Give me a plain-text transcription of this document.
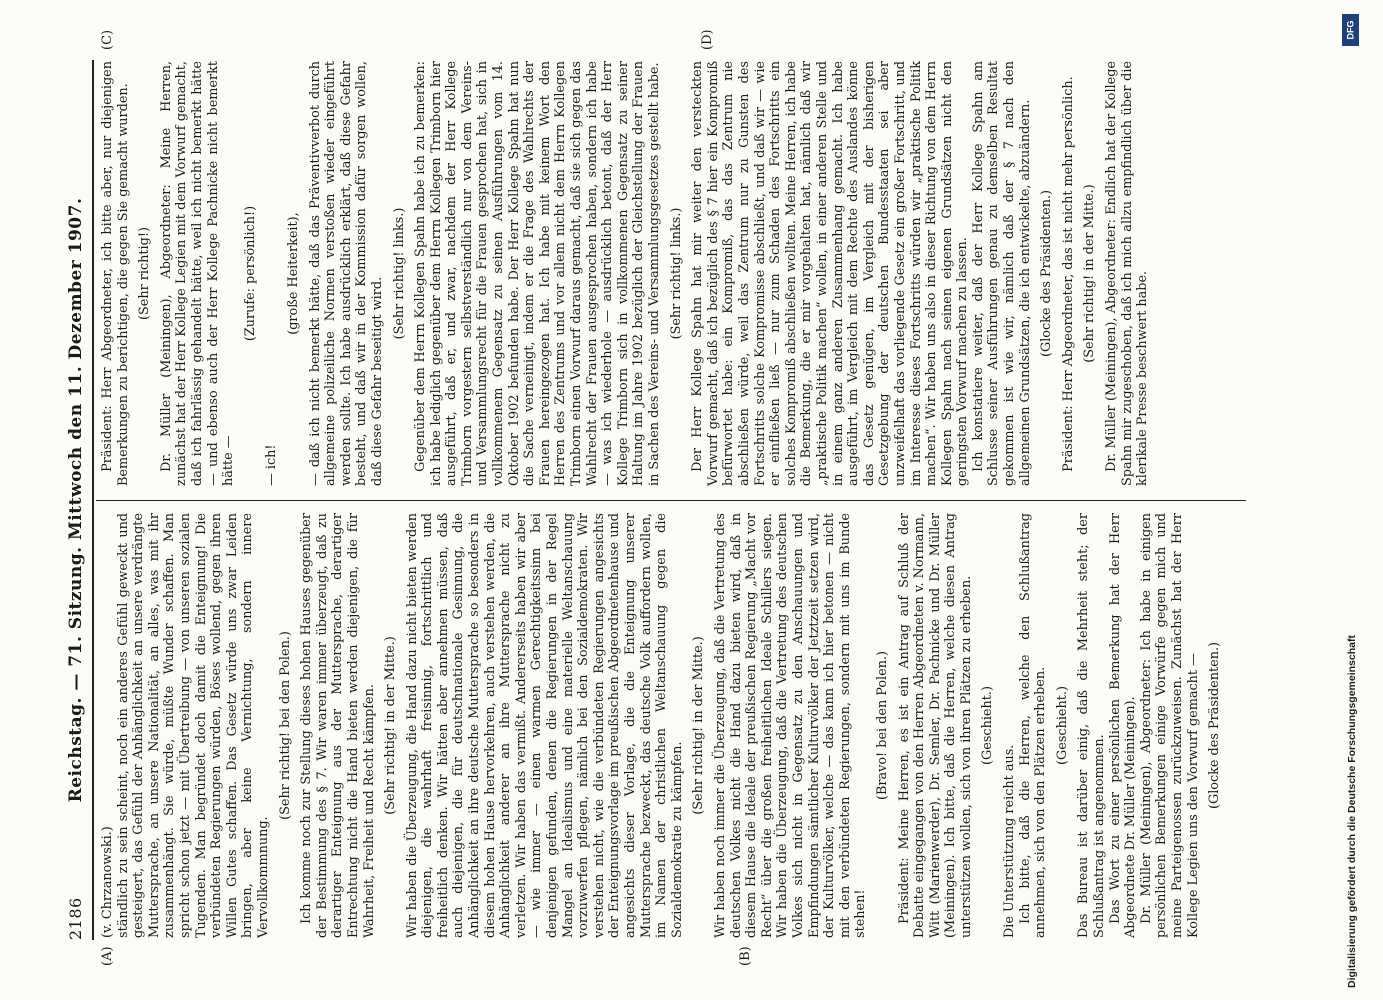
2186
Reichstag. — 71. Sitzung. Mittwoch den 11. Dezember 1907.
(A)	(B)
(C)	(D)

(v. Chrzanowski.) ständlich zu sein scheint, noch ein anderes Gefühl geweckt und gesteigert, das Gefühl der Anhänglichkeit an unsere verdrängte Muttersprache, an unsere Nationalität, an alles, was mit ihr zusammenhängt. Sie würde, müßte Wunder schaffen. Man spricht schon jetzt — mit Übertreibung — von unseren sozialen Tugenden. Man begründet doch damit die Enteignung! Die verbündeten Regierungen würden, Böses wollend, gegen ihren Willen Gutes schaffen. Das Gesetz würde uns zwar Leiden bringen, aber keine Vernichtung, sondern innere Vervollkommnung.

(Sehr richtig! bei den Polen.) Ich komme noch zur Stellung dieses hohen Hauses gegenüber der Bestimmung des § 7. Wir waren immer überzeugt, daß zu derartiger Enteignung aus der Muttersprache, derartiger Entrechtung nicht die Hand bieten werden diejenigen, die für Wahrheit, Freiheit und Recht kämpfen. (Sehr richtig! in der Mitte.) Wir haben die Überzeugung, die Hand dazu nicht bieten werden diejenigen, die wahrhaft freisinnig, fortschrittlich und freiheitlich denken. Wir hätten aber annehmen müssen, daß auch diejenigen, die für deutschnationale Gesinnung, die Anhänglichkeit an ihre deutsche Muttersprache so besonders in diesem hohen Hause hervorkehren, auch verstehen werden, die Anhänglichkeit anderer an ihre Muttersprache nicht zu verletzen. Wir haben das vermißt. Andererseits haben wir aber — wie immer — einen warmen Gerechtigkeitssinn bei denjenigen gefunden, denen die Regierungen in der Regel Mangel an Idealismus und eine materielle Weltanschauung vorzuwerfen pflegen, nämlich bei den Sozialdemokraten. Wir verstehen nicht, wie die verbündeten Regierungen angesichts der Enteignungsvorlage im preußischen Abgeordnetenhause und angesichts dieser Vorlage, die die Enteignung unserer Muttersprache bezweckt, das deutsche Volk auffordern wollen, im Namen der christlichen Weltanschauung gegen die Sozialdemokratie zu kämpfen.

(Sehr richtig! in der Mitte.) Wir haben noch immer die Überzeugung, daß die Vertretung des deutschen Volkes nicht die Hand dazu bieten wird, daß in diesem Hause die Ideale der preußischen Regierung „Macht vor Recht“ über die großen freiheitlichen Ideale Schillers siegen. Wir haben die Überzeugung, daß die Vertretung des deutschen Volkes sich nicht in Gegensatz zu den Anschauungen und Empfindungen sämtlicher Kulturvölker der Jetztzeit setzen wird, der Kulturvölker, welche — das kann ich hier betonen — nicht mit den verbündeten Regierungen, sondern mit uns im Bunde stehen!

(Bravo! bei den Polen.) Präsident: Meine Herren, es ist ein Antrag auf Schluß der Debatte eingegangen von den Herren Abgeordneten v. Normann, Witt (Marienwerder), Dr. Semler, Dr. Pachnicke und Dr. Müller (Meiningen). Ich bitte, daß die Herren, welche diesen Antrag unterstützen wollen, sich von ihren Plätzen zu erheben. (Geschieht.)

Die Unterstützung reicht aus. Ich bitte, daß die Herren, welche den Schlußantrag annehmen, sich von den Plätzen erheben. (Geschieht.) Das Bureau ist darüber einig, daß die Mehrheit steht; der Schlußantrag ist angenommen. Das Wort zu einer persönlichen Bemerkung hat der Herr Abgeordnete Dr. Müller (Meiningen). Dr. Müller (Meiningen), Abgeordneter: Ich habe in einigen persönlichen Bemerkungen einige Vorwürfe gegen mich und meine Parteigenossen zurückzuweisen. Zunächst hat der Herr Kollege Legien uns den Vorwurf gemacht — (Glocke des Präsidenten.)

Präsident: Herr Abgeordneter, ich bitte aber, nur diejenigen Bemerkungen zu berichtigen, die gegen Sie gemacht wurden. (Sehr richtig!) Dr. Müller (Meiningen), Abgeordneter: Meine Herren, zunächst hat der Herr Kollege Legien mit dem Vorwurf gemacht, daß ich fahrlässig gehandelt hätte, weil ich nicht bemerkt hätte — und ebenso auch der Herr Kollege Pachnicke nicht bemerkt hätte —

(Zurufe: persönlich!)

— ich!

(große Heiterkeit), — daß ich nicht bemerkt hätte, daß das Präventivverbot durch allgemeine polizeiliche Normen verstoßen wieder eingeführt werden sollte. Ich habe ausdrücklich erklärt, daß diese Gefahr besteht, und daß wir in der Kommission dafür sorgen wollen, daß diese Gefahr beseitigt wird.

(Sehr richtig! links.) Gegenüber dem Herrn Kollegen Spahn habe ich zu bemerken: ich habe lediglich gegenüber dem Herrn Kollegen Trimborn hier ausgeführt, daß er, und zwar, nachdem der Herr Kollege Trimborn vorgestern selbstverständlich nur von dem Vereins- und Versammlungsrecht für die Frauen gesprochen hat, sich in vollkommenem Gegensatz zu seinen Ausführungen vom 14. Oktober 1902 befunden habe. Der Herr Kollege Spahn hat nun die Sache verneinigt, indem er die Frage des Wahlrechts der Frauen hereingezogen hat. Ich habe mit keinem Wort den Herren des Zentrums und vor allem nicht dem Herrn Kollegen Trimborn einen Vorwurf daraus gemacht, daß sie sich gegen das Wahlrecht der Frauen ausgesprochen haben, sondern ich habe — was ich wiederhole — ausdrücklich betont, daß der Herr Kollege Trimborn sich in vollkommenen Gegensatz zu seiner Haltung im Jahre 1902 bezüglich der Gleichstellung der Frauen in Sachen des Vereins- und Versammlungsgesetzes gestellt habe. (Sehr richtig! links.) Der Herr Kollege Spahn hat mir weiter den versteckten Vorwurf gemacht, daß ich bezüglich des § 7 hier ein Kompromiß befürwortet habe: ein Kompromiß, das das Zentrum nie abschließen würde, weil das Zentrum nur zu Gunsten des Fortschritts solche Kompromisse abschließt, und daß wir — wie er einfließen ließ — nur zum Schaden des Fortschritts ein solches Kompromiß abschließen wollten. Meine Herren, ich habe die Bemerkung, die er mir vorgehalten hat, nämlich daß wir „praktische Politik machen“ wollen, in einer anderen Stelle und in einem ganz anderen Zusammenhang gemacht. Ich habe ausgeführt, im Vergleich mit dem Rechte des Auslandes könne das Gesetz genügen, im Vergleich mit der bisherigen Gesetzgebung der deutschen Bundesstaaten sei aber unzweifelhaft das vorliegende Gesetz ein großer Fortschritt, und im Interesse dieses Fortschritts würden wir „praktische Politik machen“. Wir haben uns also in dieser Richtung von dem Herrn Kollegen Spahn nach seinen eigenen Grundsätzen nicht den geringsten Vorwurf machen zu lassen. Ich konstatiere weiter, daß der Herr Kollege Spahn am Schlusse seiner Ausführungen genau zu demselben Resultat gekommen ist wie wir, nämlich daß der § 7 nach den allgemeinen Grundsätzen, die ich entwickelte, abzuändern. (Glocke des Präsidenten.) Präsident: Herr Abgeordneter, das ist nicht mehr persönlich. (Sehr richtig! in der Mitte.) Dr. Müller (Meiningen), Abgeordneter: Endlich hat der Kollege Spahn mir zugeschoben, daß ich mich allzu empfindlich über die klerikale Presse beschwert habe.

DFG
Digitalisierung gefördert durch die Deutsche Forschungsgemeinschaft
